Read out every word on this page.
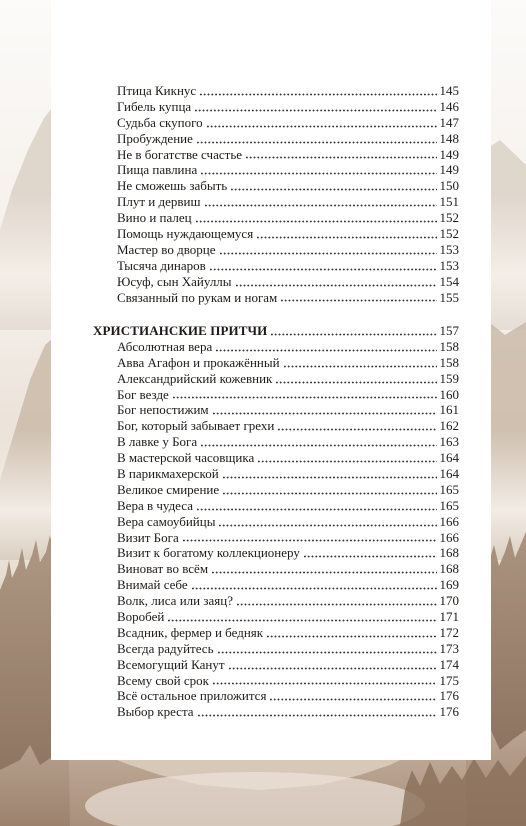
Птица Кикнус	145
Гибель купца	146
Судьба скупого	147
Пробуждение	148
Не в богатстве счастье	149
Пища павлина	149
Не сможешь забыть	150
Плут и дервиш	151
Вино и палец	152
Помощь нуждающемуся	152
Мастер во дворце	153
Тысяча динаров	153
Юсуф, сын Хайуллы	154
Связанный по рукам и ногам	155
ХРИСТИАНСКИЕ ПРИТЧИ	157
Абсолютная вера	158
Авва Агафон и прокажённый	158
Александрийский кожевник	159
Бог везде	160
Бог непостижим	161
Бог, который забывает грехи	162
В лавке у Бога	163
В мастерской часовщика	164
В парикмахерской	164
Великое смирение	165
Вера в чудеса	165
Вера самоубийцы	166
Визит Бога	166
Визит к богатому коллекционеру	168
Виноват во всём	168
Внимай себе	169
Волк, лиса или заяц?	170
Воробей	171
Всадник, фермер и бедняк	172
Всегда радуйтесь	173
Всемогущий Канут	174
Всему свой срок	175
Всё остальное приложится	176
Выбор креста	176
